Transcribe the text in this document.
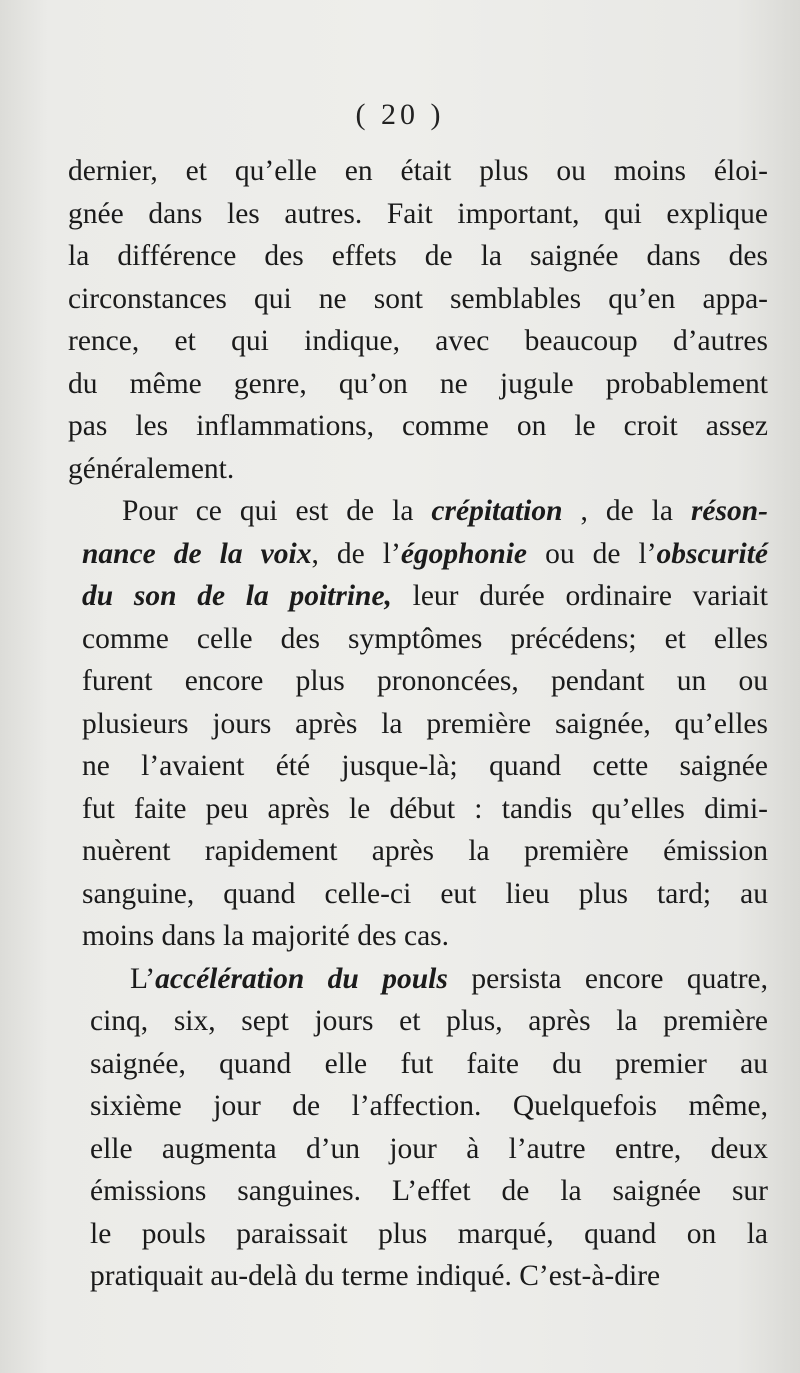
( 20 )
dernier, et qu’elle en était plus ou moins éloi-
gnée dans les autres. Fait important, qui explique
la différence des effets de la saignée dans des
circonstances qui ne sont semblables qu’en appa-
rence, et qui indique, avec beaucoup d’autres
du même genre, qu’on ne jugule probablement
pas les inflammations, comme on le croit assez
généralement.
Pour ce qui est de la crépitation , de la réson-
nance de la voix, de l’égophonie ou de l’obscurité
du son de la poitrine, leur durée ordinaire variait
comme celle des symptômes précédens; et elles
furent encore plus prononcées, pendant un ou
plusieurs jours après la première saignée, qu’elles
ne l’avaient été jusque-là; quand cette saignée
fut faite peu après le début : tandis qu’elles dimi-
nuèrent rapidement après la première émission
sanguine, quand celle-ci eut lieu plus tard; au
moins dans la majorité des cas.
L’accélération du pouls persista encore quatre,
cinq, six, sept jours et plus, après la première
saignée, quand elle fut faite du premier au
sixième jour de l’affection. Quelquefois même,
elle augmenta d’un jour à l’autre entre, deux
émissions sanguines. L’effet de la saignée sur
le pouls paraissait plus marqué, quand on la
pratiquait au-delà du terme indiqué. C’est-à-dire
